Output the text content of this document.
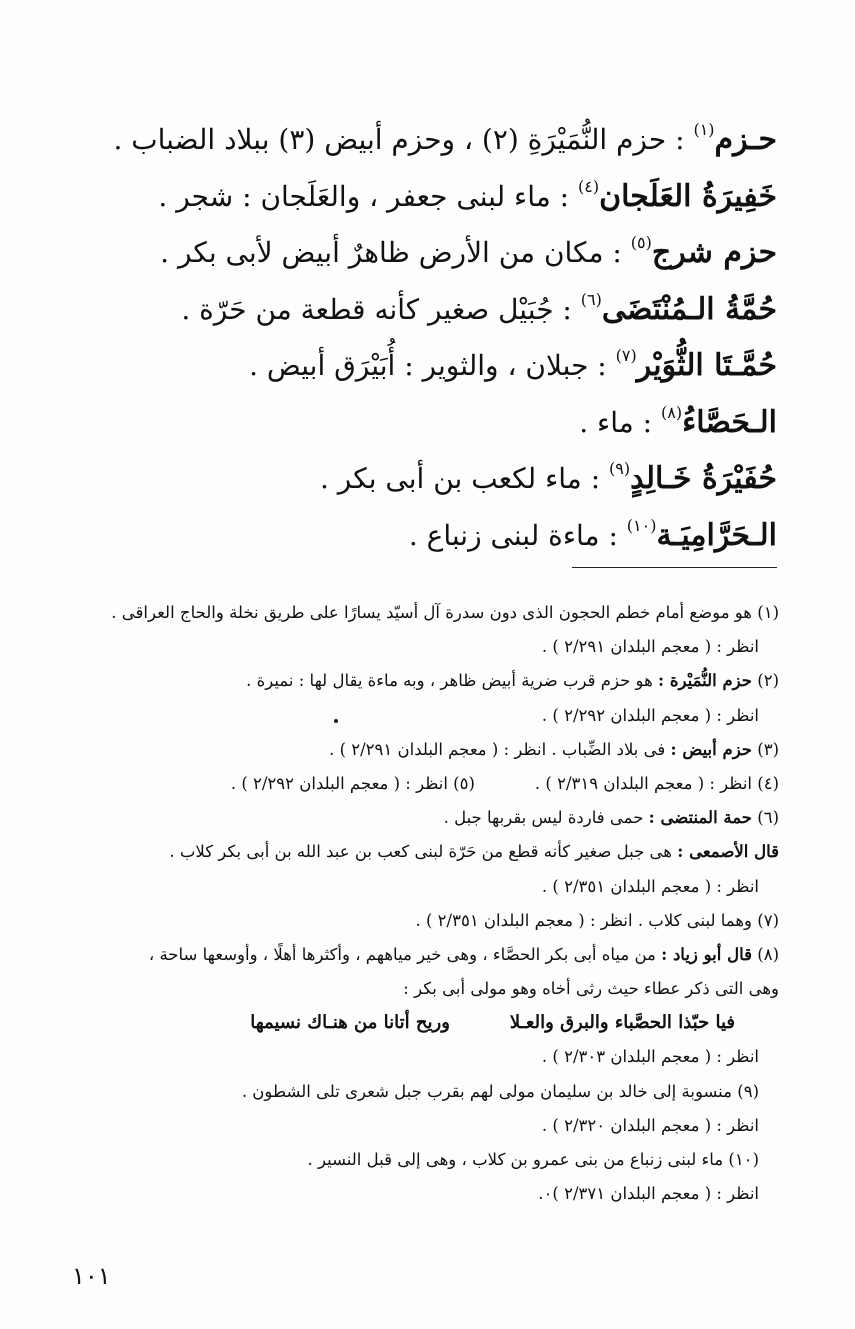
حـزم$^{(١)}$ : حزم النُّمَيْرَةِ (٢) ، وحزم أبيض (٣) ببلاد الضباب .
خَفِيرَةُ العَلَجان$^{(٤)}$ : ماء لبنى جعفر ، والعَلَجان : شجر .
حزم شرج$^{(٥)}$ : مكان من الأرض ظاهرٌ أبيض لأبى بكر .
حُمَّةُ الـمُنْتَضَى$^{(٦)}$ : جُبَيْل صغير كأنه قطعة من حَرّة .
حُمَّـتَا الثُّوَيْر$^{(٧)}$ : جبلان ، والثوير : أُبَيْرَق أبيض .
الـحَصَّاءُ$^{(٨)}$ : ماء .
حُفَيْرَةُ خَـالِدٍ$^{(٩)}$ : ماء لكعب بن أبى بكر .
الـحَرَّامِيَـة$^{(١٠)}$ : ماءة لبنى زنباع .
(١) هو موضع أمام خطم الحجون الذى دون سدرة آل أسيّد يسارًا على طريق نخلة والحاج العراقى .
انظر : ( معجم البلدان ٢/٢٩١ ) .
(٢) حزم النُّمَيْرة : هو حزم قرب ضرية أبيض ظاهر ، وبه ماءة يقال لها : نميرة .
انظر : ( معجم البلدان ٢/٢٩٢ ) .
(٣) حزم أبيض : فى بلاد الضِّباب . انظر : ( معجم البلدان ٢/٢٩١ ) .
(٤) انظر : ( معجم البلدان ٢/٣١٩ ) .(٥) انظر : ( معجم البلدان ٢/٢٩٢ ) .
(٦) حمة المنتضى : حمى فاردة ليس بقربها جبل .
قال الأصمعى : هى جبل صغير كأنه قطع من حَرّة لبنى كعب بن عبد الله بن أبى بكر كلاب .
انظر : ( معجم البلدان ٢/٣٥١ ) .
(٧) وهما لبنى كلاب . انظر : ( معجم البلدان ٢/٣٥١ ) .
(٨) قال أبو زياد : من مياه أبى بكر الحصَّاء ، وهى خير مياههم ، وأكثرها أهلًا ، وأوسعها ساحة ،
وهى التى ذكر عطاء حيث رثى أخاه وهو مولى أبى بكر :
فيا حبّذا الحصَّباء والبرق والعـلاوريح أتانا من هنـاك نسيمها
انظر : ( معجم البلدان ٢/٣٠٣ ) .
(٩) منسوبة إلى خالد بن سليمان مولى لهم بقرب جبل شعرى تلى الشطون .
انظر : ( معجم البلدان ٢/٣٢٠ ) .
(١٠) ماء لبنى زنباع من بنى عمرو بن كلاب ، وهى إلى قبل النسير .
انظر : ( معجم البلدان ٢/٣٧١ )٠.
١٠١
